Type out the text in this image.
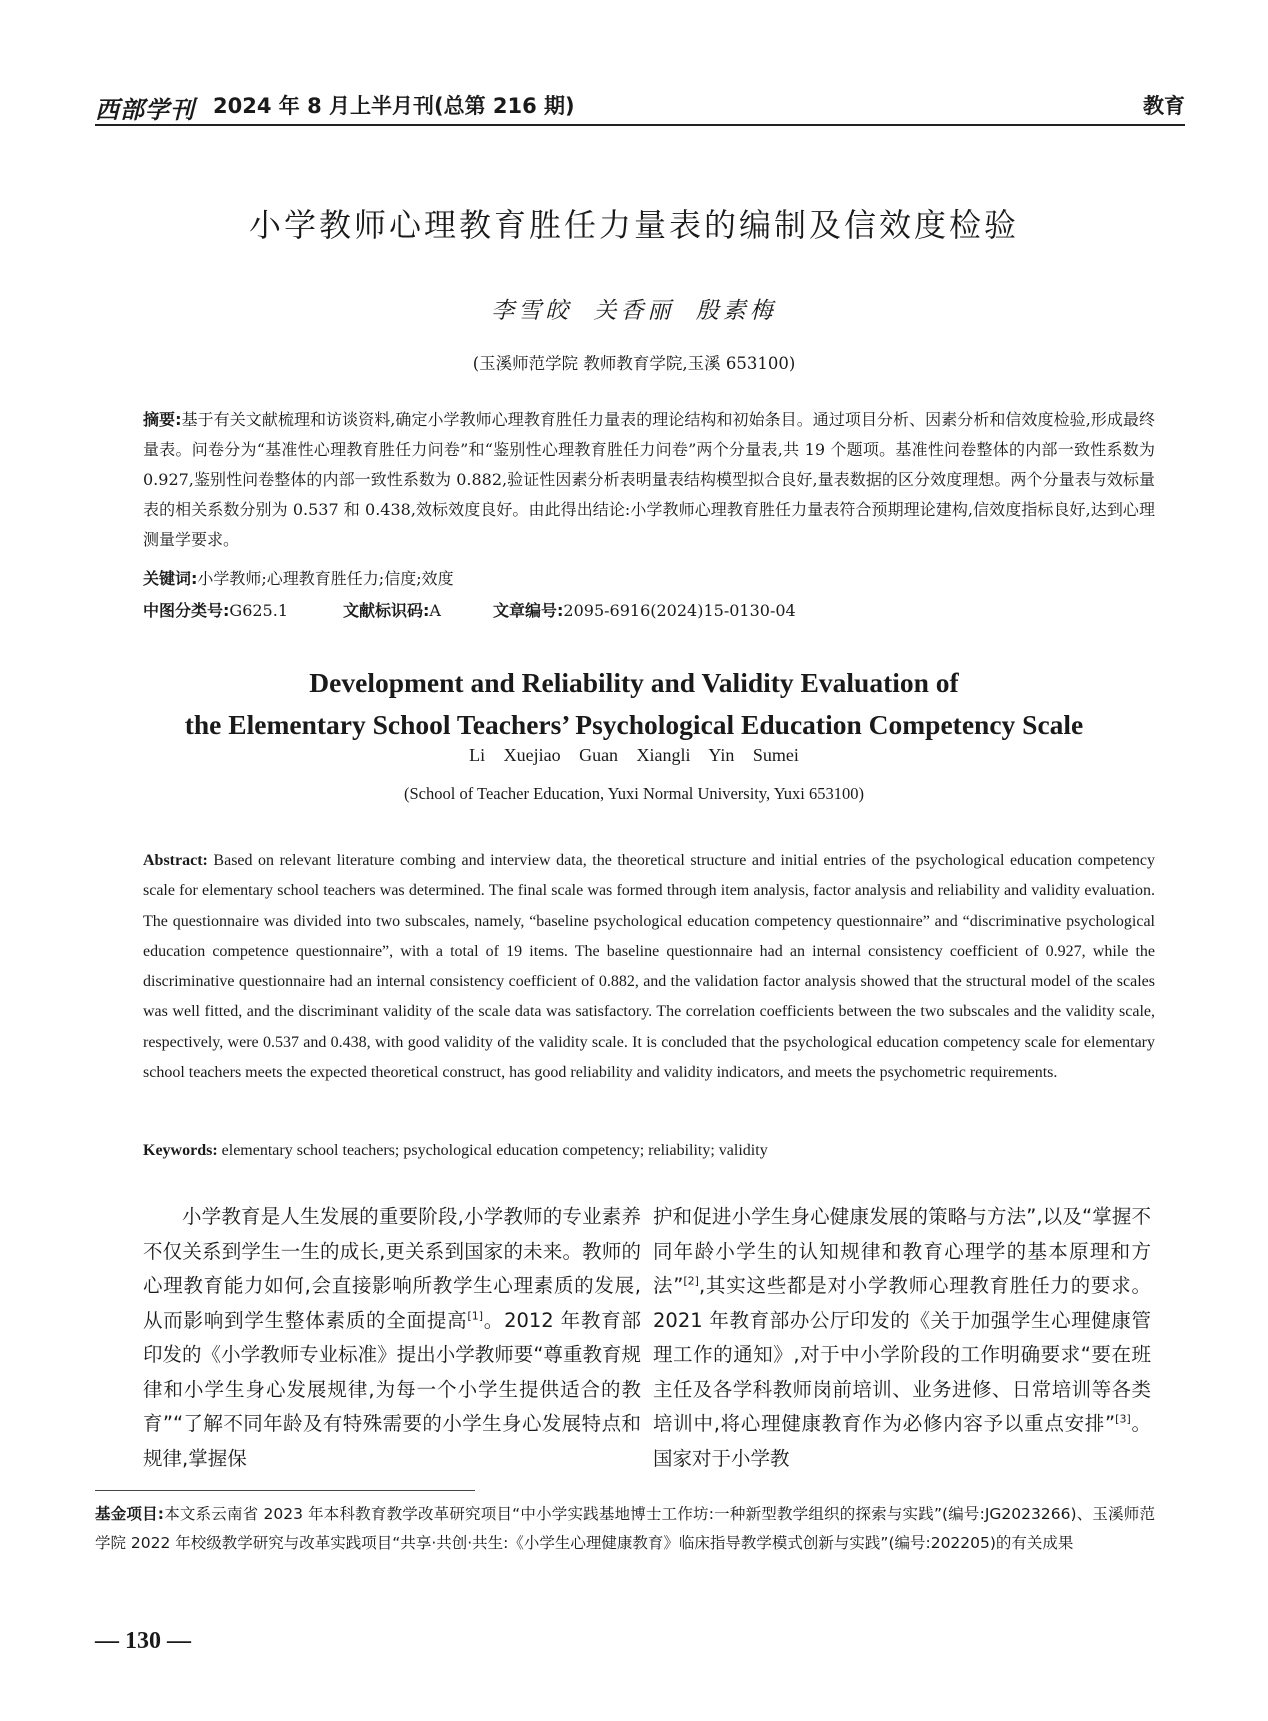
西部学刊 2024 年 8 月上半月刊(总第 216 期)	教育
小学教师心理教育胜任力量表的编制及信效度检验
李雪皎 关香丽 殷素梅
(玉溪师范学院 教师教育学院,玉溪 653100)
摘要:基于有关文献梳理和访谈资料,确定小学教师心理教育胜任力量表的理论结构和初始条目。通过项目分析、因素分析和信效度检验,形成最终量表。问卷分为“基准性心理教育胜任力问卷”和“鉴别性心理教育胜任力问卷”两个分量表,共 19 个题项。基准性问卷整体的内部一致性系数为 0.927,鉴别性问卷整体的内部一致性系数为 0.882,验证性因素分析表明量表结构模型拟合良好,量表数据的区分效度理想。两个分量表与效标量表的相关系数分别为 0.537 和 0.438,效标效度良好。由此得出结论:小学教师心理教育胜任力量表符合预期理论建构,信效度指标良好,达到心理测量学要求。
关键词:小学教师;心理教育胜任力;信度;效度
中图分类号:G625.1	文献标识码:A	文章编号:2095-6916(2024)15-0130-04
Development and Reliability and Validity Evaluation of
the Elementary School Teachers’ Psychological Education Competency Scale
Li Xuejiao Guan Xiangli Yin Sumei
(School of Teacher Education, Yuxi Normal University, Yuxi 653100)
Abstract: Based on relevant literature combing and interview data, the theoretical structure and initial entries of the psychological education competency scale for elementary school teachers was determined. The final scale was formed through item analysis, factor analysis and reliability and validity evaluation. The questionnaire was divided into two subscales, namely, “baseline psychological education competency questionnaire” and “discriminative psychological education competence questionnaire”, with a total of 19 items. The baseline questionnaire had an internal consistency coefficient of 0.927, while the discriminative questionnaire had an internal consistency coefficient of 0.882, and the validation factor analysis showed that the structural model of the scales was well fitted, and the discriminant validity of the scale data was satisfactory. The correlation coefficients between the two subscales and the validity scale, respectively, were 0.537 and 0.438, with good validity of the validity scale. It is concluded that the psychological education competency scale for elementary school teachers meets the expected theoretical construct, has good reliability and validity indicators, and meets the psychometric requirements.
Keywords: elementary school teachers; psychological education competency; reliability; validity

小学教育是人生发展的重要阶段,小学教师的专业素养不仅关系到学生一生的成长,更关系到国家的未来。教师的心理教育能力如何,会直接影响所教学生心理素质的发展,从而影响到学生整体素质的全面提高[1]。2012 年教育部印发的《小学教师专业标准》提出小学教师要“尊重教育规律和小学生身心发展规律,为每一个小学生提供适合的教育”“了解不同年龄及有特殊需要的小学生身心发展特点和规律,掌握保

护和促进小学生身心健康发展的策略与方法”,以及“掌握不同年龄小学生的认知规律和教育心理学的基本原理和方法”[2],其实这些都是对小学教师心理教育胜任力的要求。2021 年教育部办公厅印发的《关于加强学生心理健康管理工作的通知》,对于中小学阶段的工作明确要求“要在班主任及各学科教师岗前培训、业务进修、日常培训等各类培训中,将心理健康教育作为必修内容予以重点安排”[3]。国家对于小学教

基金项目:本文系云南省 2023 年本科教育教学改革研究项目“中小学实践基地博士工作坊:一种新型教学组织的探索与实践”(编号:JG2023266)、玉溪师范学院 2022 年校级教学研究与改革实践项目“共享·共创·共生:《小学生心理健康教育》临床指导教学模式创新与实践”(编号:202205)的有关成果
— 130 —
